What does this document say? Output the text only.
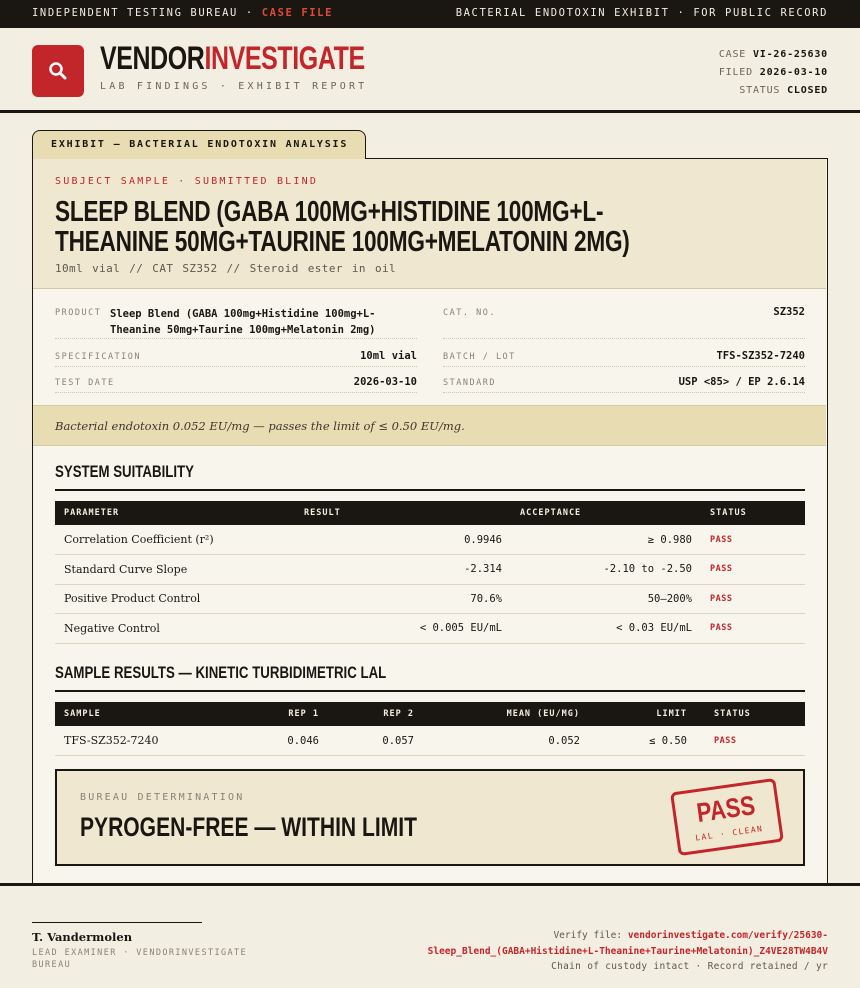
INDEPENDENT TESTING BUREAU · CASE FILE	BACTERIAL ENDOTOXIN EXHIBIT · FOR PUBLIC RECORD
VENDORINVESTIGATE
LAB FINDINGS · EXHIBIT REPORT
CASE VI-26-25630
FILED 2026-03-10
STATUS CLOSED
EXHIBIT — BACTERIAL ENDOTOXIN ANALYSIS
SUBJECT SAMPLE · SUBMITTED BLIND
SLEEP BLEND (GABA 100MG+HISTIDINE 100MG+L-THEANINE 50MG+TAURINE 100MG+MELATONIN 2MG)
10ml vial // CAT SZ352 // Steroid ester in oil
PRODUCT Sleep Blend (GABA 100mg+Histidine 100mg+L-Theanine 50mg+Taurine 100mg+Melatonin 2mg)
CAT. NO.	SZ352
SPECIFICATION	10ml vial	BATCH / LOT	TFS-SZ352-7240
TEST DATE	2026-03-10	STANDARD	USP <85> / EP 2.6.14
Bacterial endotoxin 0.052 EU/mg — passes the limit of ≤ 0.50 EU/mg.
SYSTEM SUITABILITY
PARAMETER	RESULT	ACCEPTANCE	STATUS
Correlation Coefficient (r²)	0.9946	≥ 0.980	PASS
Standard Curve Slope	-2.314	-2.10 to -2.50	PASS
Positive Product Control	70.6%	50–200%	PASS
Negative Control	< 0.005 EU/mL	< 0.03 EU/mL	PASS
SAMPLE RESULTS — KINETIC TURBIDIMETRIC LAL
SAMPLE	REP 1	REP 2	MEAN (EU/MG)	LIMIT	STATUS
TFS-SZ352-7240	0.046	0.057	0.052	≤ 0.50	PASS
BUREAU DETERMINATION
PYROGEN-FREE — WITHIN LIMIT	PASS
LAL · CLEAN
T. Vandermolen
LEAD EXAMINER · VENDORINVESTIGATE BUREAU
Verify file: vendorinvestigate.com/verify/25630-Sleep_Blend_(GABA+Histidine+L-Theanine+Taurine+Melatonin)_Z4VE28TW4B4V
Chain of custody intact · Record retained / yr
